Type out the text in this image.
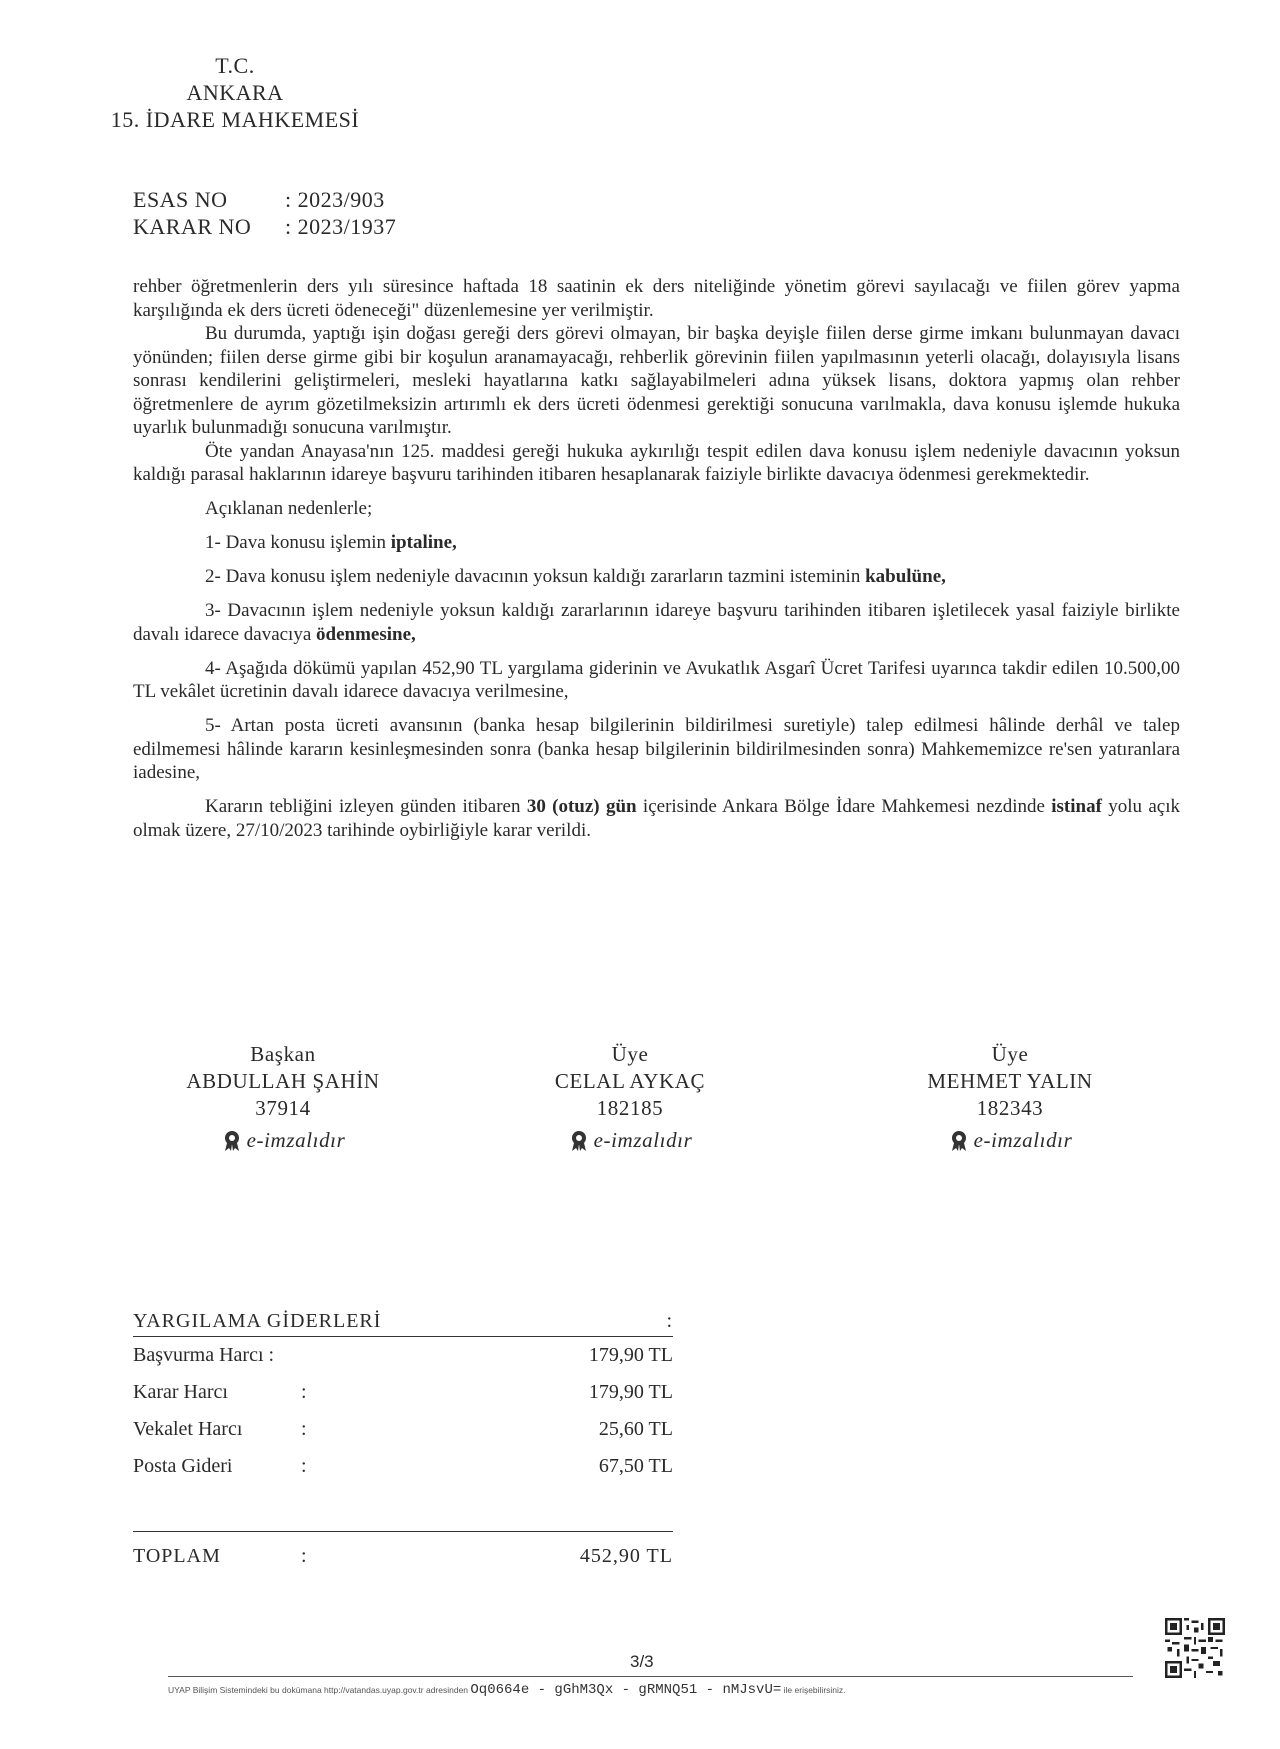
T.C.
ANKARA
15. İDARE MAHKEMESİ
ESAS NO	: 2023/903
KARAR NO	: 2023/1937

rehber öğretmenlerin ders yılı süresince haftada 18 saatinin ek ders niteliğinde yönetim görevi sayılacağı ve fiilen görev yapma karşılığında ek ders ücreti ödeneceği" düzenlemesine yer verilmiştir.

Bu durumda, yaptığı işin doğası gereği ders görevi olmayan, bir başka deyişle fiilen derse girme imkanı bulunmayan davacı yönünden; fiilen derse girme gibi bir koşulun aranamayacağı, rehberlik görevinin fiilen yapılmasının yeterli olacağı, dolayısıyla lisans sonrası kendilerini geliştirmeleri, mesleki hayatlarına katkı sağlayabilmeleri adına yüksek lisans, doktora yapmış olan rehber öğretmenlere de ayrım gözetilmeksizin artırımlı ek ders ücreti ödenmesi gerektiği sonucuna varılmakla, dava konusu işlemde hukuka uyarlık bulunmadığı sonucuna varılmıştır.

Öte yandan Anayasa'nın 125. maddesi gereği hukuka aykırılığı tespit edilen dava konusu işlem nedeniyle davacının yoksun kaldığı parasal haklarının idareye başvuru tarihinden itibaren hesaplanarak faiziyle birlikte davacıya ödenmesi gerekmektedir.

Açıklanan nedenlerle;

1- Dava konusu işlemin iptaline,

2- Dava konusu işlem nedeniyle davacının yoksun kaldığı zararların tazmini isteminin kabulüne,

3- Davacının işlem nedeniyle yoksun kaldığı zararlarının idareye başvuru tarihinden itibaren işletilecek yasal faiziyle birlikte davalı idarece davacıya ödenmesine,

4- Aşağıda dökümü yapılan 452,90 TL yargılama giderinin ve Avukatlık Asgarî Ücret Tarifesi uyarınca takdir edilen 10.500,00 TL vekâlet ücretinin davalı idarece davacıya verilmesine,

5- Artan posta ücreti avansının (banka hesap bilgilerinin bildirilmesi suretiyle) talep edilmesi hâlinde derhâl ve talep edilmemesi hâlinde kararın kesinleşmesinden sonra (banka hesap bilgilerinin bildirilmesinden sonra) Mahkememizce re'sen yatıranlara iadesine,

Kararın tebliğini izleyen günden itibaren 30 (otuz) gün içerisinde Ankara Bölge İdare Mahkemesi nezdinde istinaf yolu açık olmak üzere, 27/10/2023 tarihinde oybirliğiyle karar verildi.

Başkan
ABDULLAH ŞAHİN
37914
e-imzalıdır
Üye
CELAL AYKAÇ
182185
e-imzalıdır
Üye
MEHMET YALIN
182343
e-imzalıdır
YARGILAMA GİDERLERİ	:
Başvurma Harcı :	179,90 TL
Karar Harcı	:	179,90 TL
Vekalet Harcı	:	25,60 TL
Posta Gideri	:	67,50 TL
TOPLAM	:	452,90 TL
3/3
UYAP Bilişim Sistemindeki bu dokümana http://vatandas.uyap.gov.tr adresinden Oq0664e - gGhM3Qx - gRMNQ51 - nMJsvU= ile erişebilirsiniz.
